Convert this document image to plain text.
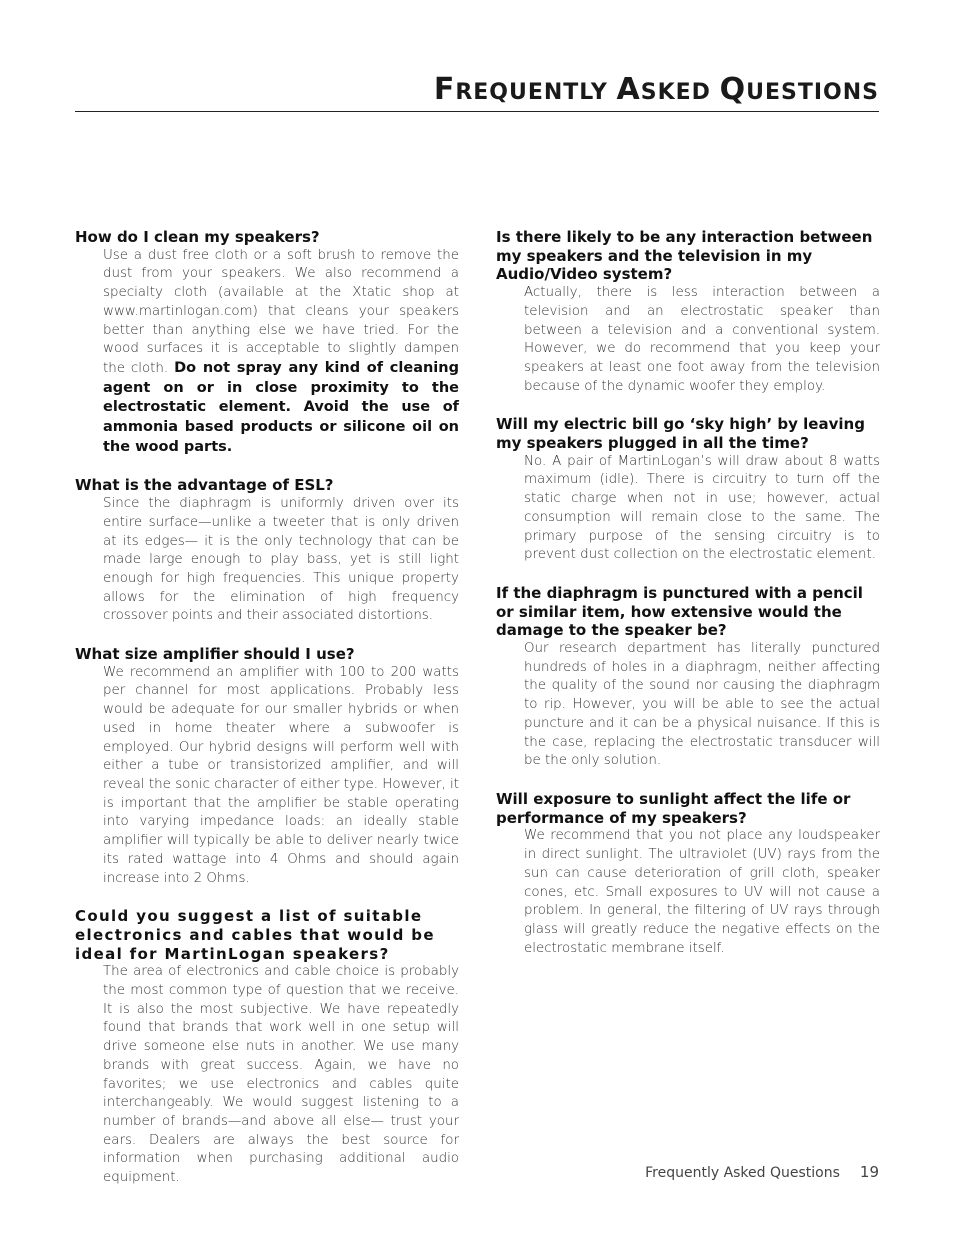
FREQUENTLY ASKED QUESTIONS

How do I clean my speakers?

Use a dust free cloth or a soft brush to remove the dust from your speakers. We also recommend a specialty cloth (available at the Xtatic shop at www.martinlogan.com) that cleans your speakers better than anything else we have tried. For the wood surfaces it is acceptable to slightly dampen the cloth. Do not spray any kind of cleaning agent on or in close proximity to the electrostatic element. Avoid the use of ammonia based products or silicone oil on the wood parts.

What is the advantage of ESL?

Since the diaphragm is uniformly driven over its entire surface—unlike a tweeter that is only driven at its edges— it is the only technology that can be made large enough to play bass, yet is still light enough for high frequencies. This unique property allows for the elimination of high frequency crossover points and their associated distortions.

What size amplifier should I use?

We recommend an amplifier with 100 to 200 watts per channel for most applications. Probably less would be adequate for our smaller hybrids or when used in home theater where a subwoofer is employed. Our hybrid designs will perform well with either a tube or transistorized amplifier, and will reveal the sonic character of either type. However, it is important that the amplifier be stable operating into varying impedance loads: an ideally stable amplifier will typically be able to deliver nearly twice its rated wattage into 4 Ohms and should again increase into 2 Ohms.

Could you suggest a list of suitable electronics and cables that would be ideal for MartinLogan speakers?

The area of electronics and cable choice is probably the most common type of question that we receive. It is also the most subjective. We have repeatedly found that brands that work well in one setup will drive someone else nuts in another. We use many brands with great success. Again, we have no favorites; we use electronics and cables quite interchangeably. We would suggest listening to a number of brands—and above all else— trust your ears. Dealers are always the best source for information when purchasing additional audio equipment.

Is there likely to be any interaction between my speakers and the television in my Audio/Video system?

Actually, there is less interaction between a television and an electrostatic speaker than between a television and a conventional system. However, we do recommend that you keep your speakers at least one foot away from the television because of the dynamic woofer they employ.

Will my electric bill go ‘sky high’ by leaving my speakers plugged in all the time?

No. A pair of MartinLogan’s will draw about 8 watts maximum (idle). There is circuitry to turn off the static charge when not in use; however, actual consumption will remain close to the same. The primary purpose of the sensing circuitry is to prevent dust collection on the electrostatic element.

If the diaphragm is punctured with a pencil or similar item, how extensive would the damage to the speaker be?

Our research department has literally punctured hundreds of holes in a diaphragm, neither affecting the quality of the sound nor causing the diaphragm to rip. However, you will be able to see the actual puncture and it can be a physical nuisance. If this is the case, replacing the electrostatic transducer will be the only solution.

Will exposure to sunlight affect the life or performance of my speakers?

We recommend that you not place any loudspeaker in direct sunlight. The ultraviolet (UV) rays from the sun can cause deterioration of grill cloth, speaker cones, etc. Small exposures to UV will not cause a problem. In general, the filtering of UV rays through glass will greatly reduce the negative effects on the electrostatic membrane itself.

Frequently Asked Questions 19
